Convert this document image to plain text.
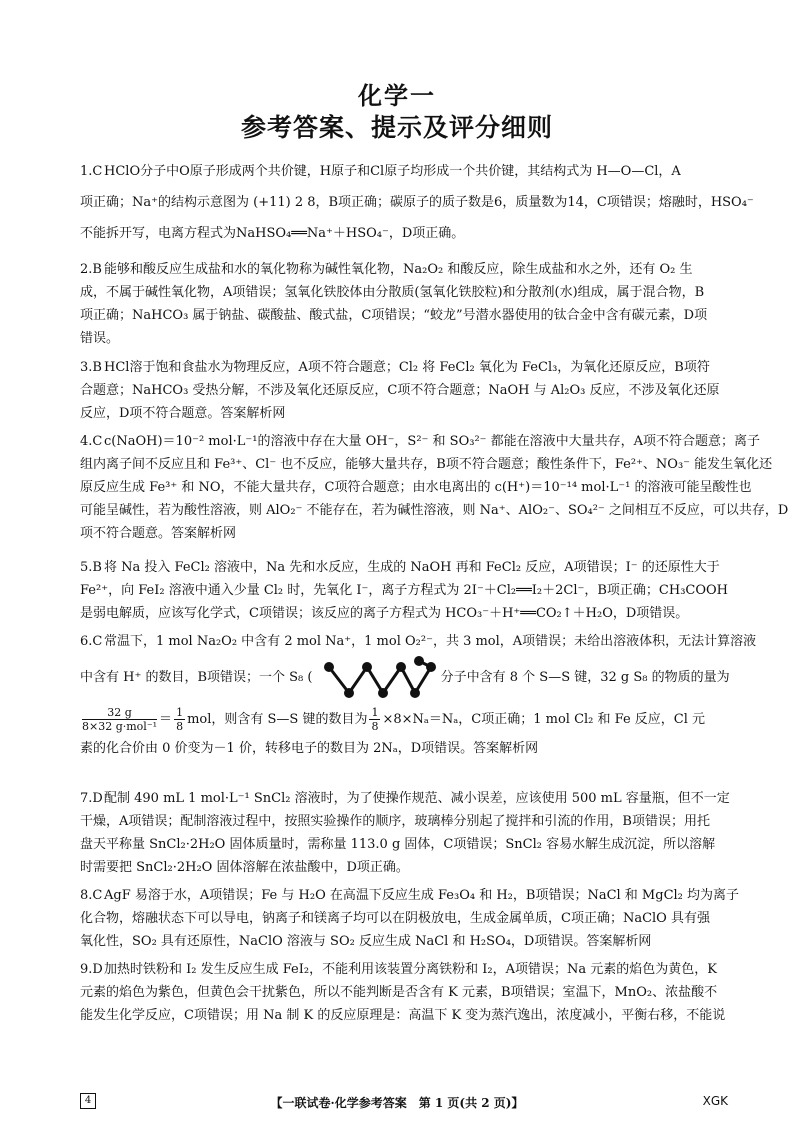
化学一
参考答案、提示及评分细则
1.C HClO分子中O原子形成两个共价键，H原子和Cl原子均形成一个共价键，其结构式为 H—O—Cl，A
项正确；Na⁺的结构示意图为 (+11) 2 8，B项正确；碳原子的质子数是6，质量数为14，C项错误；熔融时，HSO₄⁻
不能拆开写，电离方程式为NaHSO₄══Na⁺＋HSO₄⁻，D项正确。
2.B 能够和酸反应生成盐和水的氧化物称为碱性氧化物，Na₂O₂ 和酸反应，除生成盐和水之外，还有 O₂ 生
成，不属于碱性氧化物，A项错误；氢氧化铁胶体由分散质(氢氧化铁胶粒)和分散剂(水)组成，属于混合物，B
项正确；NaHCO₃ 属于钠盐、碳酸盐、酸式盐，C项错误；“蛟龙”号潜水器使用的钛合金中含有碳元素，D项
错误。
3.B HCl溶于饱和食盐水为物理反应，A项不符合题意；Cl₂ 将 FeCl₂ 氧化为 FeCl₃，为氧化还原反应，B项符
合题意；NaHCO₃ 受热分解，不涉及氧化还原反应，C项不符合题意；NaOH 与 Al₂O₃ 反应，不涉及氧化还原
反应，D项不符合题意。答案解析网
4.C c(NaOH)＝10⁻² mol·L⁻¹的溶液中存在大量 OH⁻，S²⁻ 和 SO₃²⁻ 都能在溶液中大量共存，A项不符合题意；离子
组内离子间不反应且和 Fe³⁺、Cl⁻ 也不反应，能够大量共存，B项不符合题意；酸性条件下，Fe²⁺、NO₃⁻ 能发生氧化还
原反应生成 Fe³⁺ 和 NO，不能大量共存，C项符合题意；由水电离出的 c(H⁺)＝10⁻¹⁴ mol·L⁻¹ 的溶液可能呈酸性也
可能呈碱性，若为酸性溶液，则 AlO₂⁻ 不能存在，若为碱性溶液，则 Na⁺、AlO₂⁻、SO₄²⁻ 之间相互不反应，可以共存，D
项不符合题意。答案解析网
5.B 将 Na 投入 FeCl₂ 溶液中，Na 先和水反应，生成的 NaOH 再和 FeCl₂ 反应，A项错误；I⁻ 的还原性大于
Fe²⁺，向 FeI₂ 溶液中通入少量 Cl₂ 时，先氧化 I⁻，离子方程式为 2I⁻＋Cl₂══I₂＋2Cl⁻，B项正确；CH₃COOH
是弱电解质，应该写化学式，C项错误；该反应的离子方程式为 HCO₃⁻＋H⁺══CO₂↑＋H₂O，D项错误。
6.C 常温下，1 mol Na₂O₂ 中含有 2 mol Na⁺，1 mol O₂²⁻，共 3 mol，A项错误；未给出溶液体积，无法计算溶液
中含有 H⁺ 的数目，B项错误；一个 S₈ (	分子中含有 8 个 S—S 键，32 g S₈ 的物质的量为
$\frac{32 g}{\text{8×32 g·mol⁻¹}} = \frac{1}{8}$ mol，则含有 S—S 键的数目为 $\frac{1}{8} \times 8\times N_a=N_a$，C项正确；1 mol Cl₂ 和 Fe 反应，Cl 元
素的化合价由 0 价变为－1 价，转移电子的数目为 2Nₐ，D项错误。答案解析网
7.D配制 490 mL 1 mol·L⁻¹ SnCl₂ 溶液时，为了使操作规范、减小误差，应该使用 500 mL 容量瓶，但不一定
干燥，A项错误；配制溶液过程中，按照实验操作的顺序，玻璃棒分别起了搅拌和引流的作用，B项错误；用托
盘天平称量 SnCl₂·2H₂O 固体质量时，需称量 113.0 g 固体，C项错误；SnCl₂ 容易水解生成沉淀，所以溶解
时需要把 SnCl₂·2H₂O 固体溶解在浓盐酸中，D项正确。
8.C AgF 易溶于水，A项错误；Fe 与 H₂O 在高温下反应生成 Fe₃O₄ 和 H₂，B项错误；NaCl 和 MgCl₂ 均为离子
化合物，熔融状态下可以导电，钠离子和镁离子均可以在阴极放电，生成金属单质，C项正确；NaClO 具有强
氧化性，SO₂ 具有还原性，NaClO 溶液与 SO₂ 反应生成 NaCl 和 H₂SO₄，D项错误。答案解析网
9.D加热时铁粉和 I₂ 发生反应生成 FeI₂，不能利用该装置分离铁粉和 I₂，A项错误；Na 元素的焰色为黄色，K
元素的焰色为紫色，但黄色会干扰紫色，所以不能判断是否含有 K 元素，B项错误；室温下，MnO₂、浓盐酸不
能发生化学反应，C项错误；用 Na 制 K 的反应原理是：高温下 K 变为蒸汽逸出，浓度减小，平衡右移，不能说
4	【一联试卷·化学参考答案　第 1 页(共 2 页)】	XGK
